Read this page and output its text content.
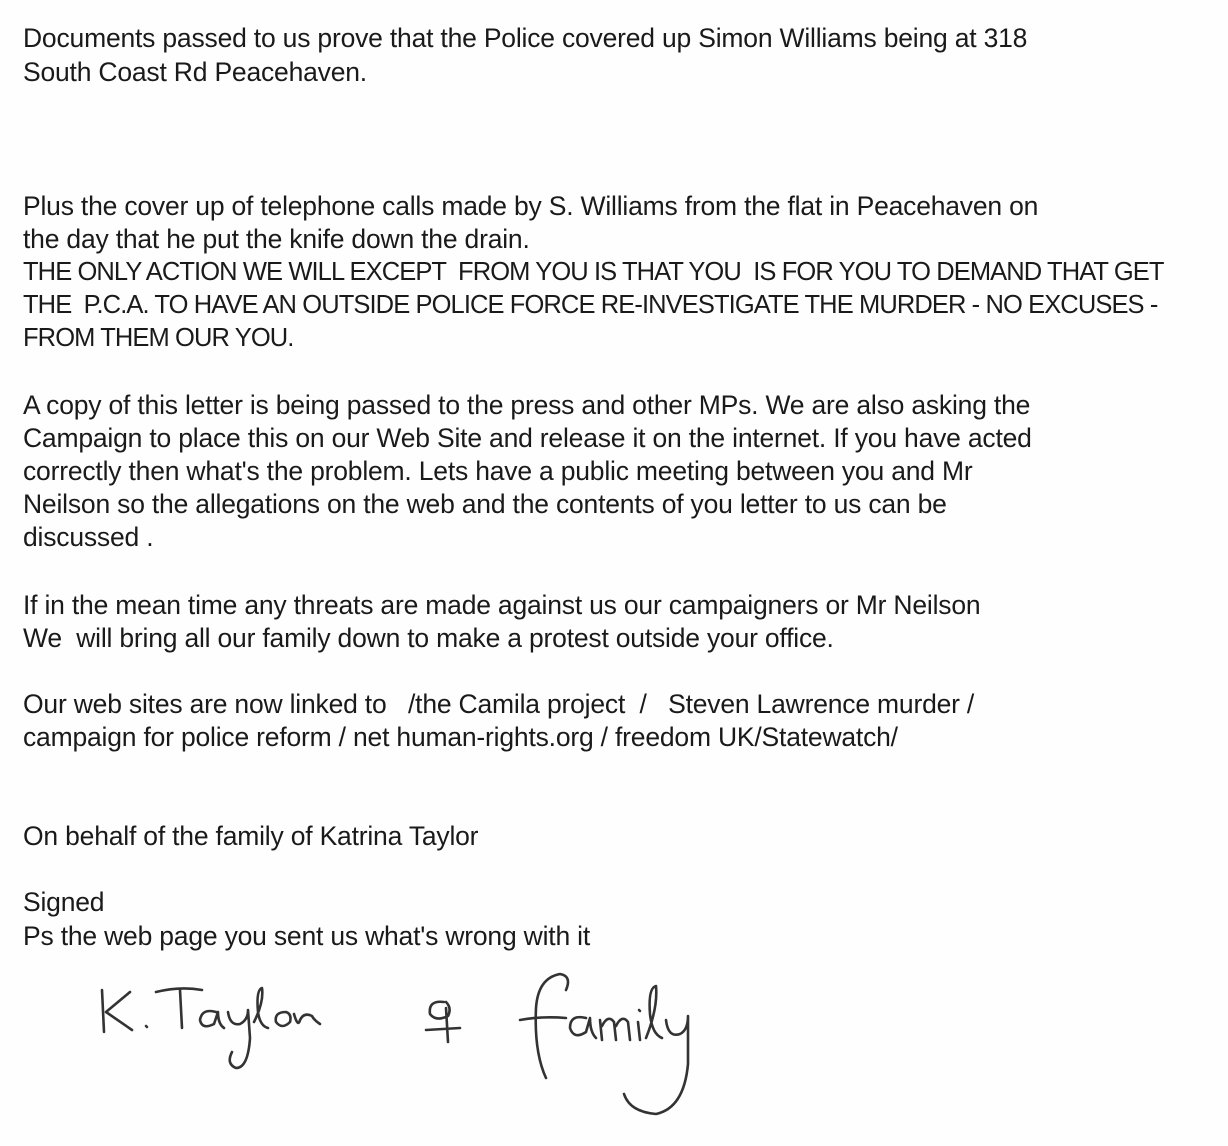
Documents passed to us prove that the Police covered up Simon Williams being at 318

South Coast Rd Peacehaven.

Plus the cover up of telephone calls made by S. Williams from the flat in Peacehaven on

the day that he put the knife down the drain.

THE ONLY ACTION WE WILL EXCEPT  FROM YOU IS THAT YOU  IS FOR YOU TO DEMAND THAT GET

THE  P.C.A. TO HAVE AN OUTSIDE POLICE FORCE RE-INVESTIGATE THE MURDER - NO EXCUSES -

FROM THEM OUR YOU.

A copy of this letter is being passed to the press and other MPs. We are also asking the

Campaign to place this on our Web Site and release it on the internet. If you have acted

correctly then what's the problem. Lets have a public meeting between you and Mr

Neilson so the allegations on the web and the contents of you letter to us can be

discussed .

If in the mean time any threats are made against us our campaigners or Mr Neilson

We  will bring all our family down to make a protest outside your office.

Our web sites are now linked to   /the Camila project  /   Steven Lawrence murder /

campaign for police reform / net human-rights.org / freedom UK/Statewatch/

On behalf of the family of Katrina Taylor

Signed

Ps the web page you sent us what's wrong with it
